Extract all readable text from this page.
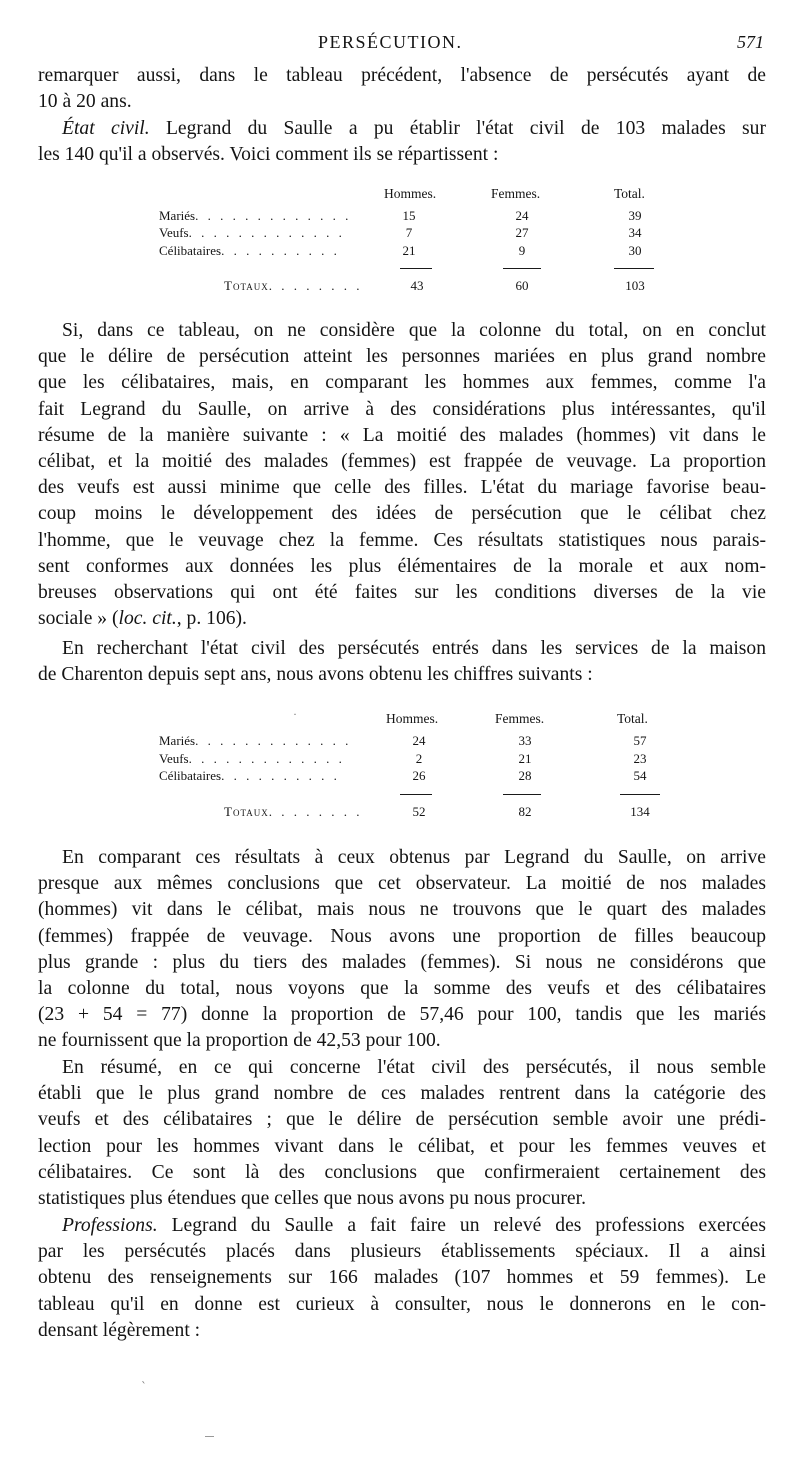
PERSÉCUTION.	571
remarquer aussi, dans le tableau précédent, l'absence de persécutés ayant de
10 à 20 ans.
État civil. Legrand du Saulle a pu établir l'état civil de 103 malades sur
les 140 qu'il a observés. Voici comment ils se répartissent :
Hommes.	Femmes.	Total.
Mariés. . . . . . . . . . . . .	15	24	39
Veufs. . . . . . . . . . . . .	7	27	34
Célibataires. . . . . . . . . .	21	9	30
Totaux. . . . . . . .	43	60	103
Si, dans ce tableau, on ne considère que la colonne du total, on en conclut
que le délire de persécution atteint les personnes mariées en plus grand nombre
que les célibataires, mais, en comparant les hommes aux femmes, comme l'a
fait Legrand du Saulle, on arrive à des considérations plus intéressantes, qu'il
résume de la manière suivante : « La moitié des malades (hommes) vit dans le
célibat, et la moitié des malades (femmes) est frappée de veuvage. La proportion
des veufs est aussi minime que celle des filles. L'état du mariage favorise beau-
coup moins le développement des idées de persécution que le célibat chez
l'homme, que le veuvage chez la femme. Ces résultats statistiques nous parais-
sent conformes aux données les plus élémentaires de la morale et aux nom-
breuses observations qui ont été faites sur les conditions diverses de la vie
sociale » (loc. cit., p. 106).
En recherchant l'état civil des persécutés entrés dans les services de la maison
de Charenton depuis sept ans, nous avons obtenu les chiffres suivants :
·	Hommes.	Femmes.	Total.
Mariés. . . . . . . . . . . . .	24	33	57
Veufs. . . . . . . . . . . . .	2	21	23
Célibataires. . . . . . . . . .	26	28	54
Totaux. . . . . . . .	52	82	134
En comparant ces résultats à ceux obtenus par Legrand du Saulle, on arrive
presque aux mêmes conclusions que cet observateur. La moitié de nos malades
(hommes) vit dans le célibat, mais nous ne trouvons que le quart des malades
(femmes) frappée de veuvage. Nous avons une proportion de filles beaucoup
plus grande : plus du tiers des malades (femmes). Si nous ne considérons que
la colonne du total, nous voyons que la somme des veufs et des célibataires
(23 + 54 = 77) donne la proportion de 57,46 pour 100, tandis que les mariés
ne fournissent que la proportion de 42,53 pour 100.
En résumé, en ce qui concerne l'état civil des persécutés, il nous semble
établi que le plus grand nombre de ces malades rentrent dans la catégorie des
veufs et des célibataires ; que le délire de persécution semble avoir une prédi-
lection pour les hommes vivant dans le célibat, et pour les femmes veuves et
célibataires. Ce sont là des conclusions que confirmeraient certainement des
statistiques plus étendues que celles que nous avons pu nous procurer.
Professions. Legrand du Saulle a fait faire un relevé des professions exercées
par les persécutés placés dans plusieurs établissements spéciaux. Il a ainsi
obtenu des renseignements sur 166 malades (107 hommes et 59 femmes). Le
tableau qu'il en donne est curieux à consulter, nous le donnerons en le con-
densant légèrement :
ˋ
